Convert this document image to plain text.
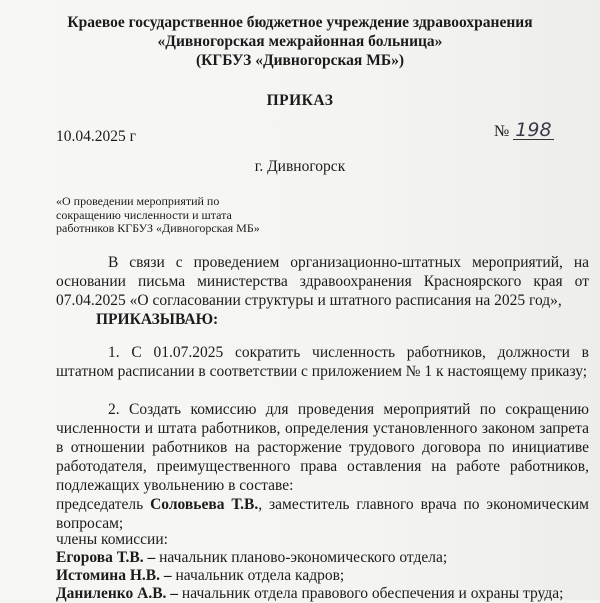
Краевое государственное бюджетное учреждение здравоохранения
«Дивногорская межрайонная больница»
(КГБУЗ «Дивногорская МБ»)
ПРИКАЗ
10.04.2025 г	№ 198
г. Дивногорск
«О проведении мероприятий по
сокращению численности и штата
работников КГБУЗ «Дивногорская МБ»
В связи с проведением организационно-штатных мероприятий, на основании письма министерства здравоохранения Красноярского края от 07.04.2025 «О согласовании структуры и штатного расписания на 2025 год»,
ПРИКАЗЫВАЮ:
1. С 01.07.2025 сократить численность работников, должности в штатном расписании в соответствии с приложением № 1 к настоящему приказу;
2. Создать комиссию для проведения мероприятий по сокращению численности и штата работников, определения установленного законом запрета в отношении работников на расторжение трудового договора по инициативе работодателя, преимущественного права оставления на работе работников, подлежащих увольнению в составе:
председатель Соловьева Т.В., заместитель главного врача по экономическим вопросам;
члены комиссии:
Егорова Т.В. – начальник планово-экономического отдела;
Истомина Н.В. – начальник отдела кадров;
Даниленко А.В. – начальник отдела правового обеспечения и охраны труда;
